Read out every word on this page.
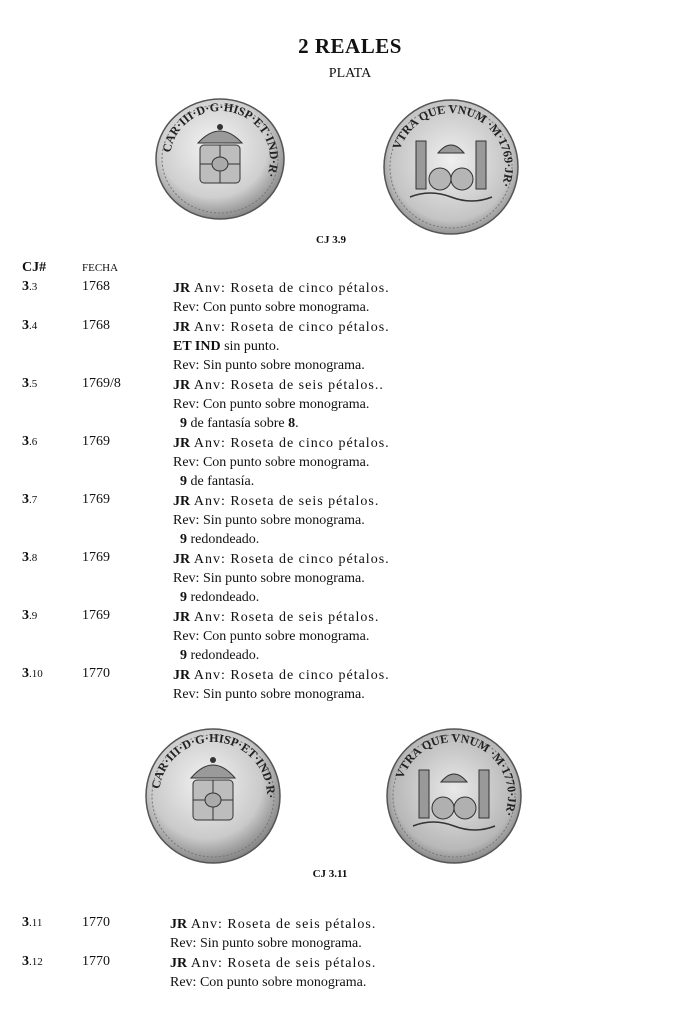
2 REALES
PLATA
CAR·III·D·G·HISP·ET·IND·R·
VTRA QUE VNUM ·M·1769·JR·
CJ 3.9
CJ#	FECHA
3.3	1768	JR Anv: Roseta de cinco pétalos.
Rev: Con punto sobre monograma.
3.4	1768	JR Anv: Roseta de cinco pétalos.
ET IND sin punto.
Rev: Sin punto sobre monograma.
3.5	1769/8	JR Anv: Roseta de seis pétalos..
Rev: Con punto sobre monograma.
9 de fantasía sobre 8.
3.6	1769	JR Anv: Roseta de cinco pétalos.
Rev: Con punto sobre monograma.
9 de fantasía.
3.7	1769	JR Anv: Roseta de seis pétalos.
Rev: Sin punto sobre monograma.
9 redondeado.
3.8	1769	JR Anv: Roseta de cinco pétalos.
Rev: Sin punto sobre monograma.
9 redondeado.
3.9	1769	JR Anv: Roseta de seis pétalos.
Rev: Con punto sobre monograma.
9 redondeado.
3.10	1770	JR Anv: Roseta de cinco pétalos.
Rev: Sin punto sobre monograma.
CAR·III·D·G·HISP·ET·IND·R·
VTRA QUE VNUM ·M·1770·JR·
CJ 3.11
3.11	1770	JR Anv: Roseta de seis pétalos.
Rev: Sin punto sobre monograma.
3.12	1770	JR Anv: Roseta de seis pétalos.
Rev: Con punto sobre monograma.
